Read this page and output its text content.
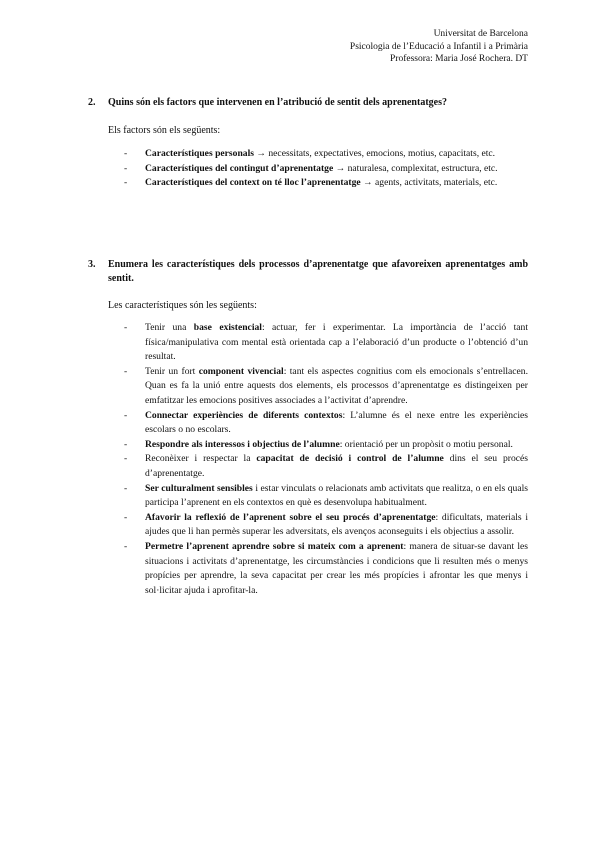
Universitat de Barcelona
Psicologia de l’Educació a Infantil i a Primària
Professora: Maria José Rochera. DT
2. Quins són els factors que intervenen en l’atribució de sentit dels aprenentatges?
Els factors són els següents:
- Característiques personals → necessitats, expectatives, emocions, motius, capacitats, etc.
- Característiques del contingut d’aprenentatge → naturalesa, complexitat, estructura, etc.
- Característiques del context on té lloc l’aprenentatge → agents, activitats, materials, etc.
3. Enumera les característiques dels processos d’aprenentatge que afavoreixen aprenentatges amb sentit.
Les característiques són les següents:
- Tenir una base existencial: actuar, fer i experimentar. La importància de l’acció tant física/manipulativa com mental està orientada cap a l’elaboració d’un producte o l’obtenció d’un resultat.
- Tenir un fort component vivencial: tant els aspectes cognitius com els emocionals s’entrellacen. Quan es fa la unió entre aquests dos elements, els processos d’aprenentatge es distingeixen per emfatitzar les emocions positives associades a l’activitat d’aprendre.
- Connectar experiències de diferents contextos: L’alumne és el nexe entre les experiències escolars o no escolars.
- Respondre als interessos i objectius de l’alumne: orientació per un propòsit o motiu personal.
- Reconèixer i respectar la capacitat de decisió i control de l’alumne dins el seu procés d’aprenentatge.
- Ser culturalment sensibles i estar vinculats o relacionats amb activitats que realitza, o en els quals participa l’aprenent en els contextos en què es desenvolupa habitualment.
- Afavorir la reflexió de l’aprenent sobre el seu procés d’aprenentatge: dificultats, materials i ajudes que li han permès superar les adversitats, els avenços aconseguits i els objectius a assolir.
- Permetre l’aprenent aprendre sobre si mateix com a aprenent: manera de situar-se davant les situacions i activitats d’aprenentatge, les circumstàncies i condicions que li resulten més o menys propícies per aprendre, la seva capacitat per crear les més propícies i afrontar les que menys i sol·licitar ajuda i aprofitar-la.
